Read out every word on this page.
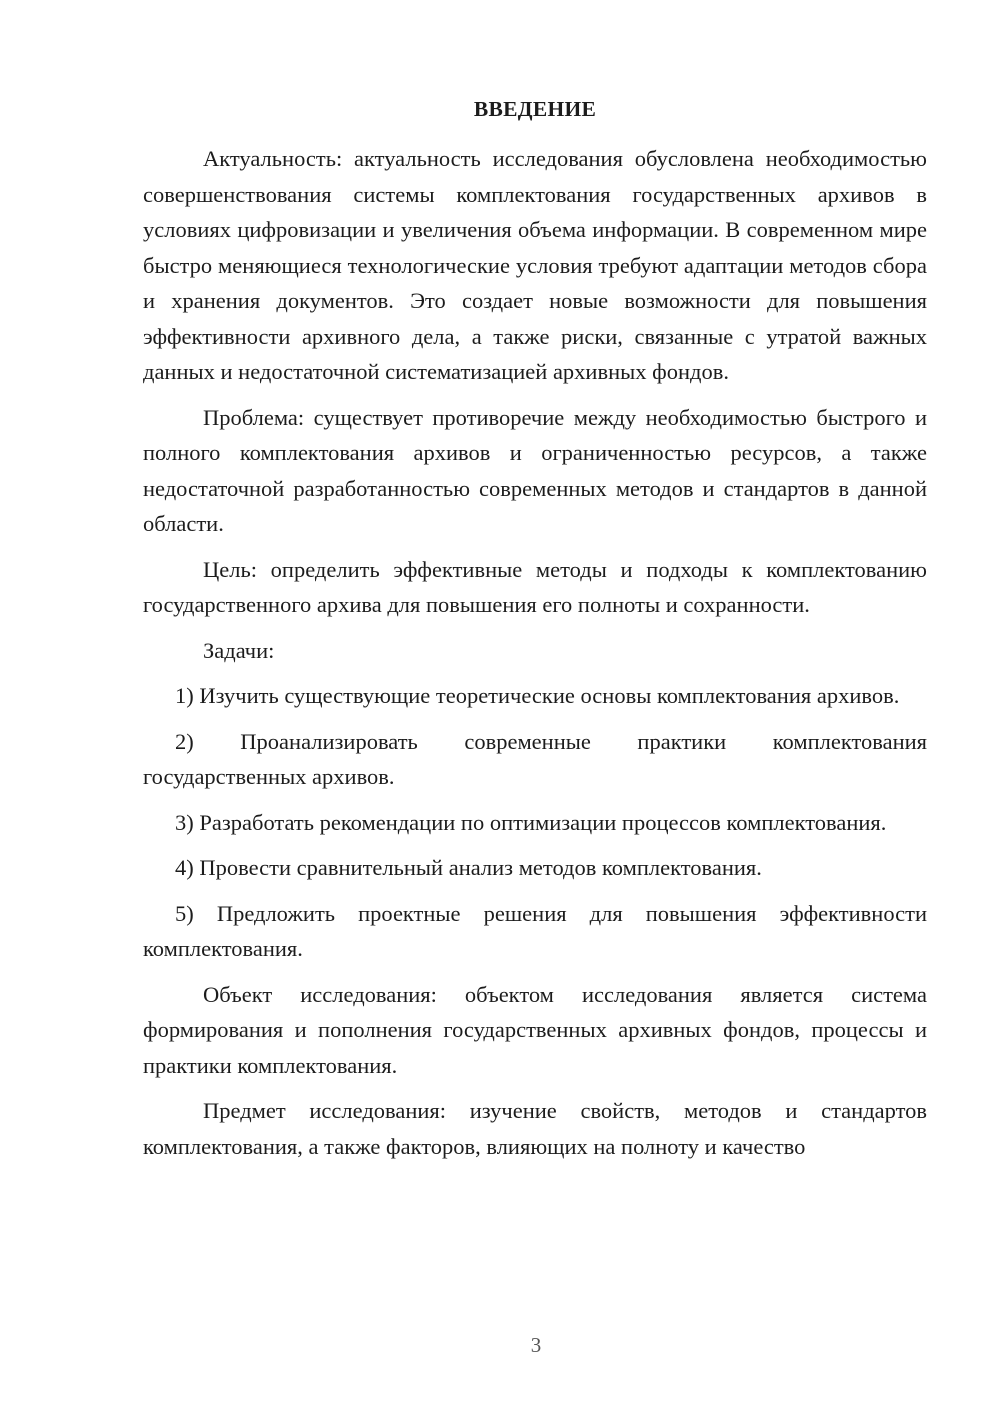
ВВЕДЕНИЕ

Актуальность: актуальность исследования обусловлена необходимостью совершенствования системы комплектования государственных архивов в условиях цифровизации и увеличения объема информации. В современном мире быстро меняющиеся технологические условия требуют адаптации методов сбора и хранения документов. Это создает новые возможности для повышения эффективности архивного дела, а также риски, связанные с утратой важных данных и недостаточной систематизацией архивных фондов.

Проблема: существует противоречие между необходимостью быстрого и полного комплектования архивов и ограниченностью ресурсов, а также недостаточной разработанностью современных методов и стандартов в данной области.

Цель: определить эффективные методы и подходы к комплектованию государственного архива для повышения его полноты и сохранности.

Задачи:

1) Изучить существующие теоретические основы комплектования архивов.

2) Проанализировать современные практики комплектования государственных архивов.

3) Разработать рекомендации по оптимизации процессов комплектования.

4) Провести сравнительный анализ методов комплектования.

5) Предложить проектные решения для повышения эффективности комплектования.

Объект исследования: объектом исследования является система формирования и пополнения государственных архивных фондов, процессы и практики комплектования.

Предмет исследования: изучение свойств, методов и стандартов комплектования, а также факторов, влияющих на полноту и качество

3
